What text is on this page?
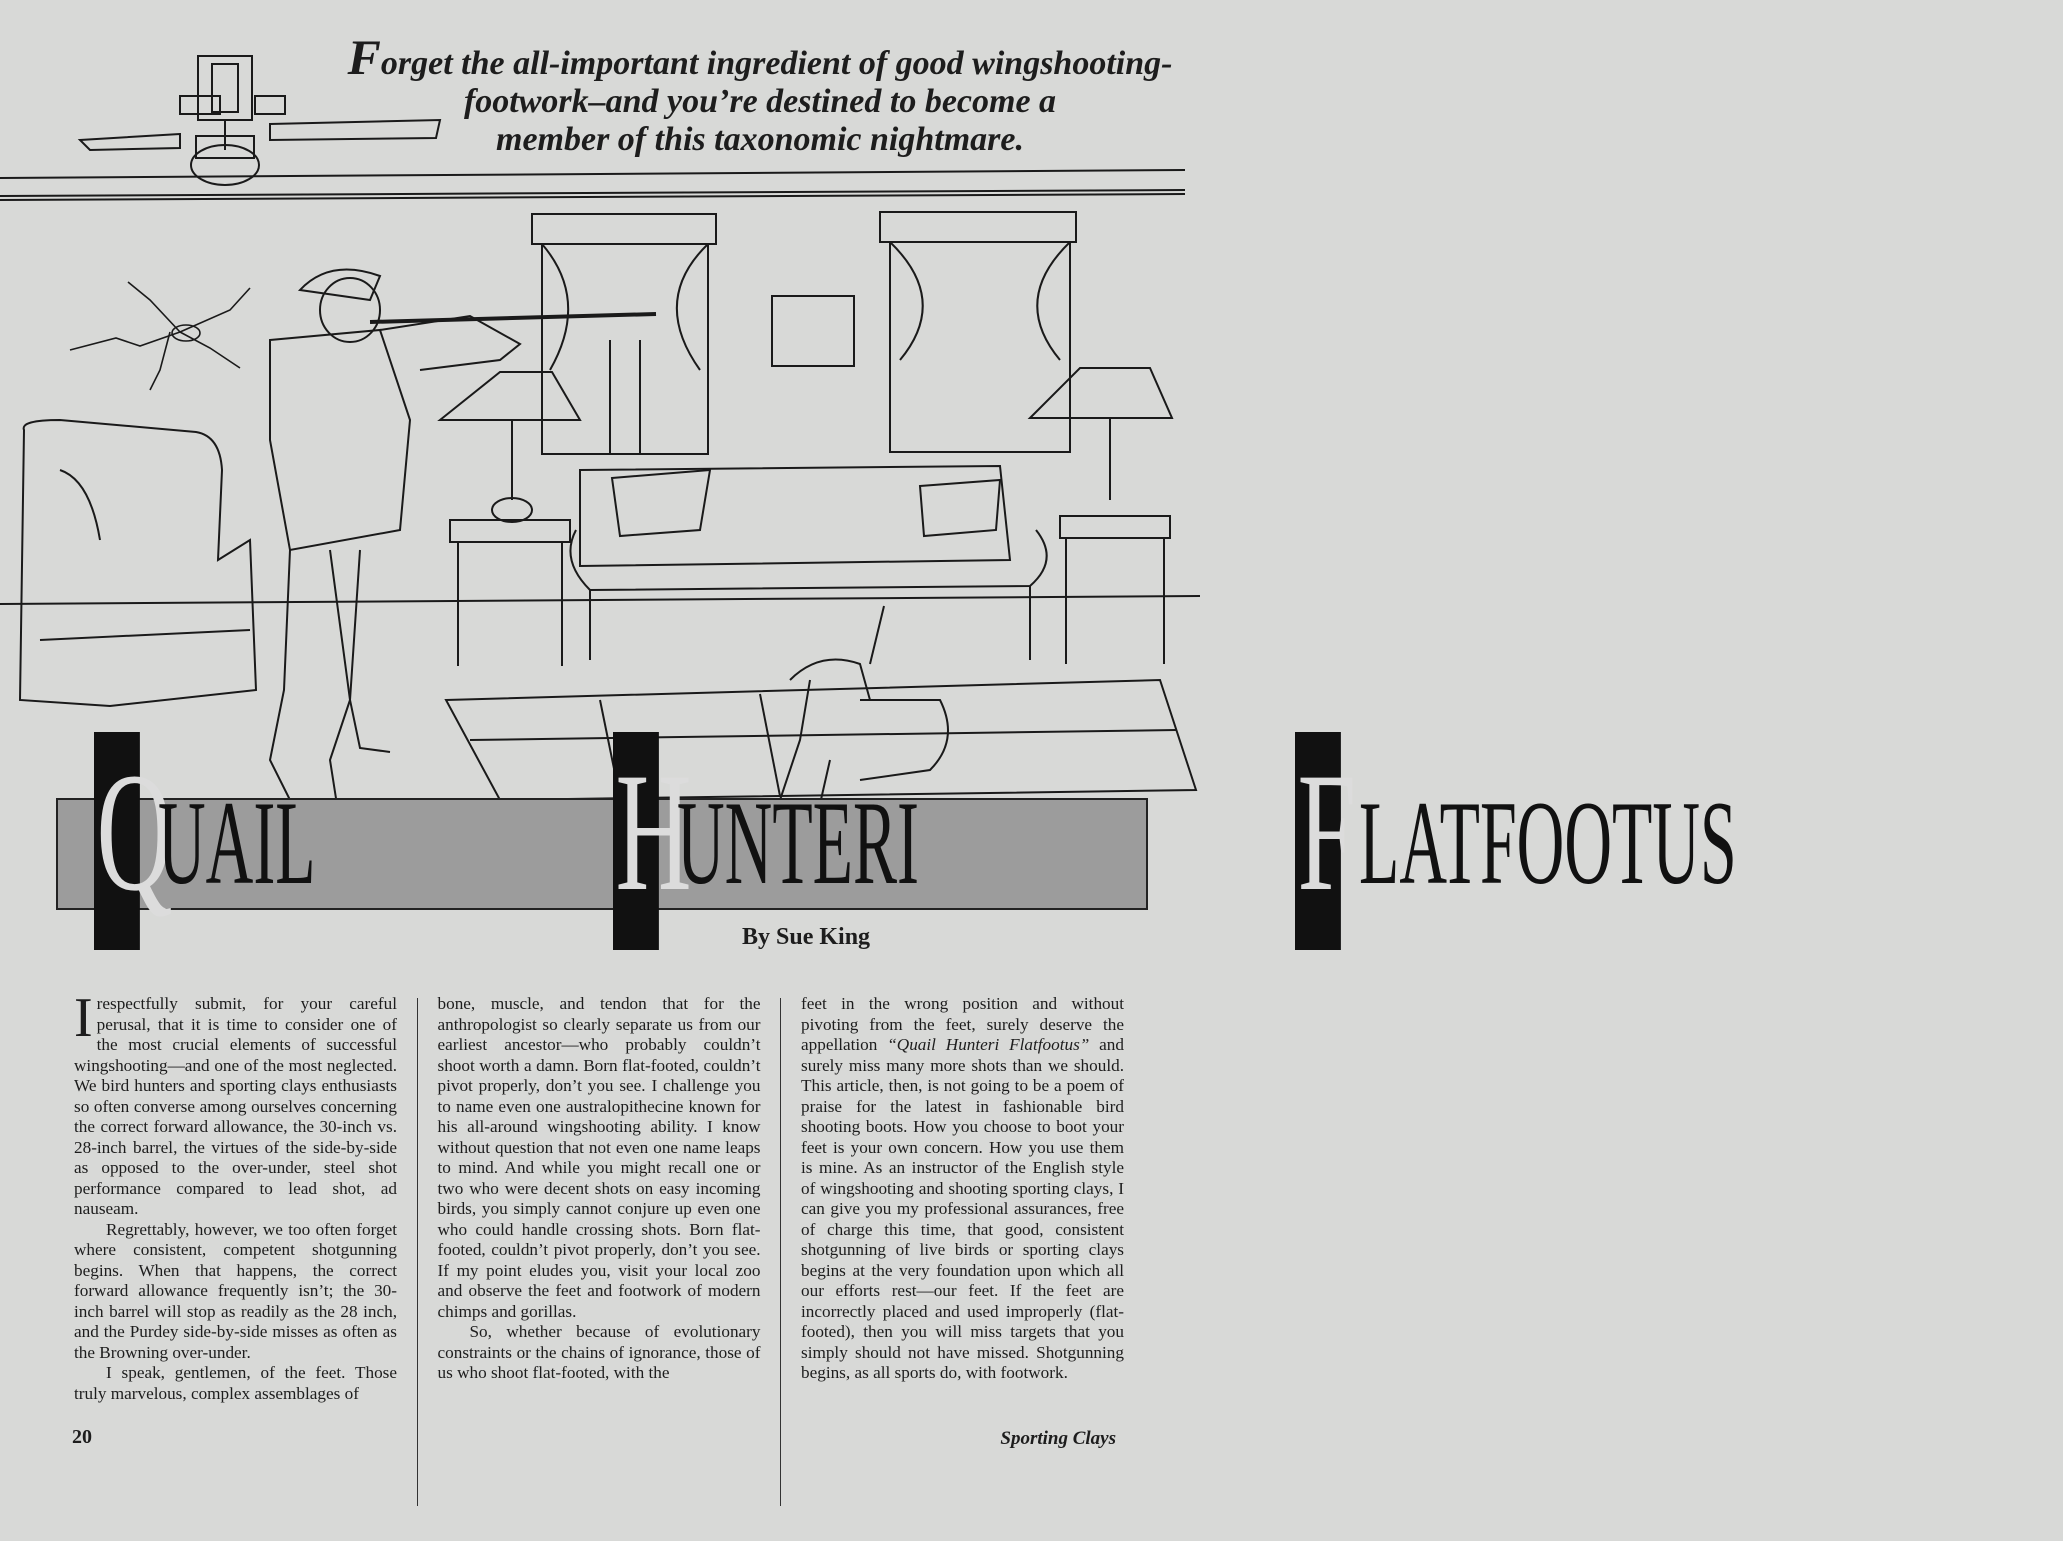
Forget the all-important ingredient of good wingshooting-
footwork–and you’re destined to become a
member of this taxonomic nightmare.
Q
UAIL H
UNTERI F LATFOOTUS
By Sue King

Irespectfully submit, for your careful perusal, that it is time to consider one of the most crucial elements of successful wingshooting—and one of the most neglected. We bird hunters and sporting clays enthusiasts so often converse among ourselves concerning the correct forward allowance, the 30-inch vs. 28-inch barrel, the virtues of the side-by-side as opposed to the over-under, steel shot performance compared to lead shot, ad nauseam.

Regrettably, however, we too often forget where consistent, competent shotgunning begins. When that happens, the correct forward allowance frequently isn’t; the 30-inch barrel will stop as readily as the 28 inch, and the Purdey side-by-side misses as often as the Browning over-under.

I speak, gentlemen, of the feet. Those truly marvelous, complex assemblages of

bone, muscle, and tendon that for the anthropologist so clearly separate us from our earliest ancestor—who probably couldn’t shoot worth a damn. Born flat-footed, couldn’t pivot properly, don’t you see. I challenge you to name even one australopithecine known for his all-around wingshooting ability. I know without question that not even one name leaps to mind. And while you might recall one or two who were decent shots on easy incoming birds, you simply cannot conjure up even one who could handle crossing shots. Born flat-footed, couldn’t pivot properly, don’t you see. If my point eludes you, visit your local zoo and observe the feet and footwork of modern chimps and gorillas.

So, whether because of evolutionary constraints or the chains of ignorance, those of us who shoot flat-footed, with the

feet in the wrong position and without pivoting from the feet, surely deserve the appellation “Quail Hunteri Flatfootus” and surely miss many more shots than we should. This article, then, is not going to be a poem of praise for the latest in fashionable bird shooting boots. How you choose to boot your feet is your own concern. How you use them is mine. As an instructor of the English style of wingshooting and shooting sporting clays, I can give you my professional assurances, free of charge this time, that good, consistent shotgunning of live birds or sporting clays begins at the very foundation upon which all our efforts rest—our feet. If the feet are incorrectly placed and used improperly (flat-footed), then you will miss targets that you simply should not have missed. Shotgunning begins, as all sports do, with footwork.

20	Sporting Clays
